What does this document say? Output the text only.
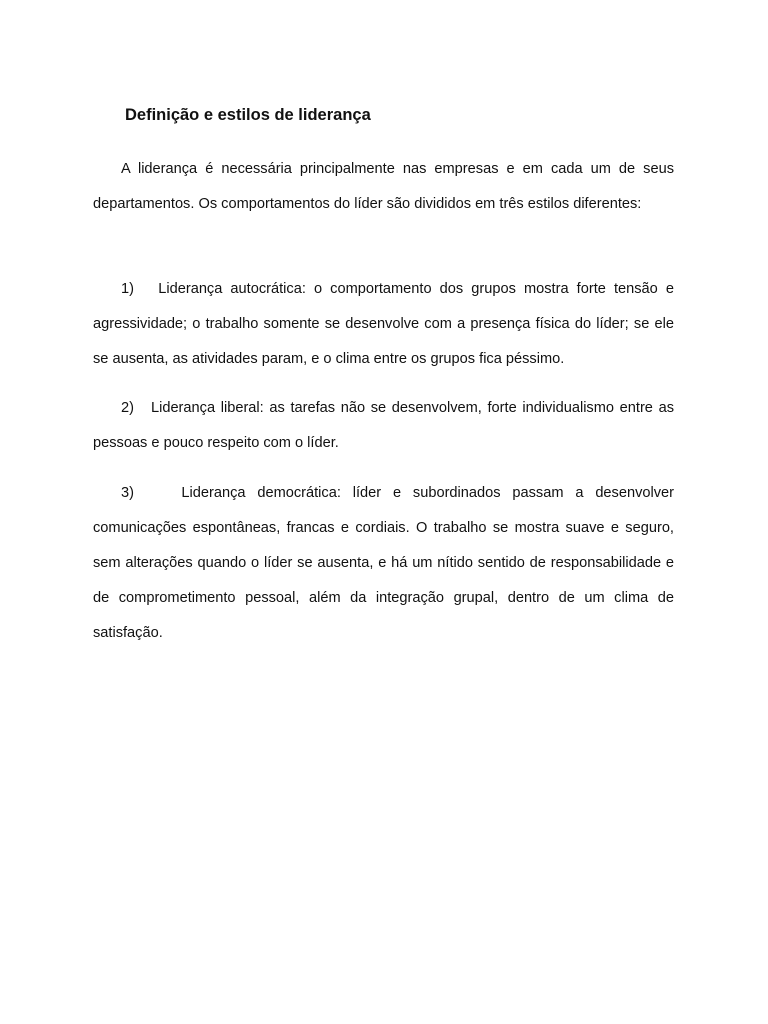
Definição e estilos de liderança

A liderança é necessária principalmente nas empresas e em cada um de seus departamentos. Os comportamentos do líder são divididos em três estilos diferentes:

1) Liderança autocrática: o comportamento dos grupos mostra forte tensão e agressividade; o trabalho somente se desenvolve com a presença física do líder; se ele se ausenta, as atividades param, e o clima entre os grupos fica péssimo.

2) Liderança liberal: as tarefas não se desenvolvem, forte individualismo entre as pessoas e pouco respeito com o líder.

3)	Liderança democrática: líder e subordinados passam a desenvolver comunicações espontâneas, francas e cordiais. O trabalho se mostra suave e seguro, sem alterações quando o líder se ausenta, e há um nítido sentido de responsabilidade e de comprometimento pessoal, além da integração grupal, dentro de um clima de satisfação.
